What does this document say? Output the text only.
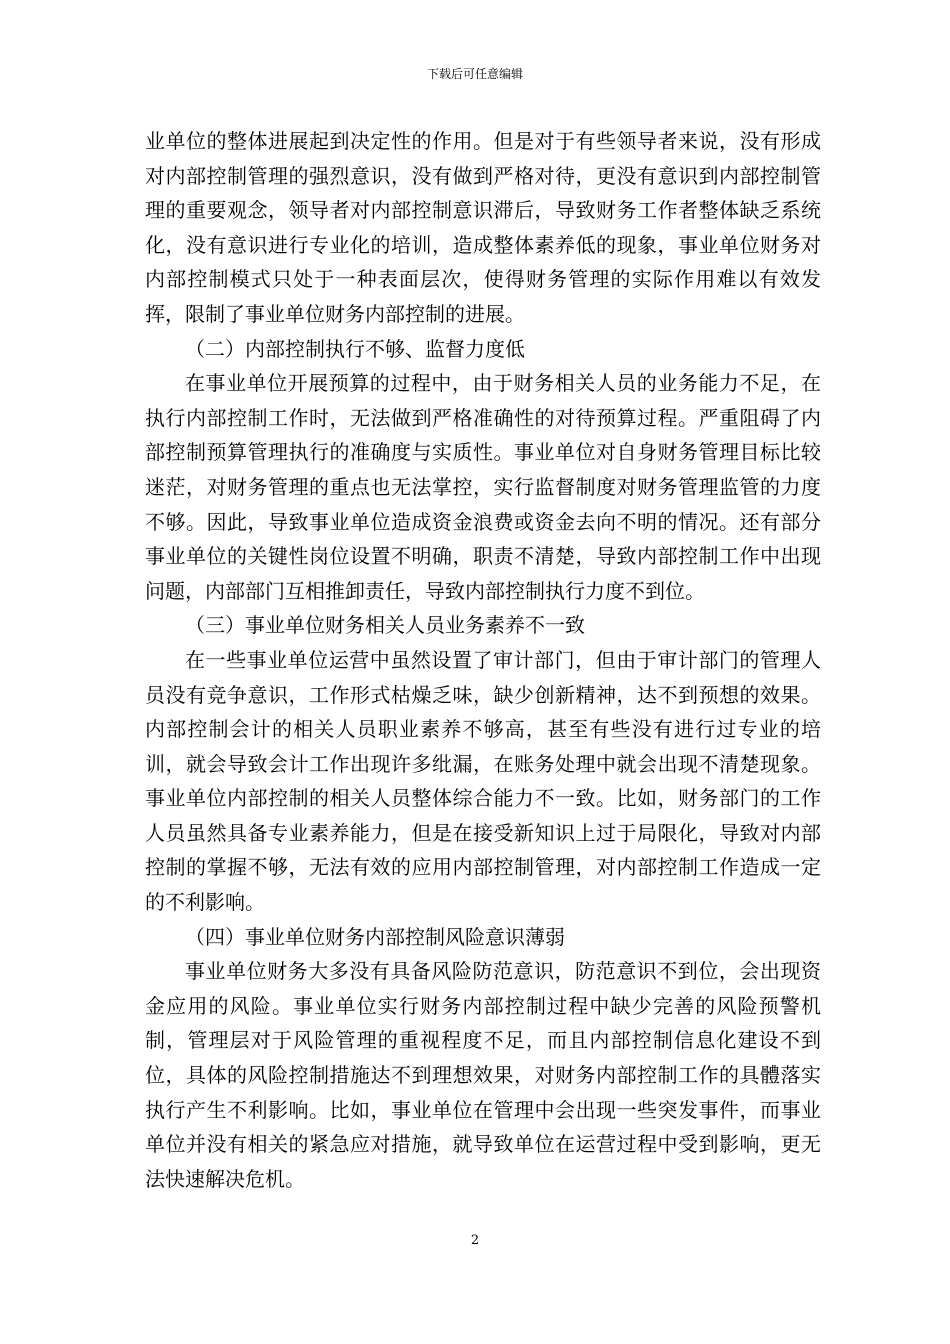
下载后可任意编辑

业单位的整体进展起到决定性的作用。但是对于有些领导者来说，没有形成对内部控制管理的强烈意识，没有做到严格对待，更没有意识到内部控制管理的重要观念，领导者对内部控制意识滞后，导致财务工作者整体缺乏系统化，没有意识进行专业化的培训，造成整体素养低的现象，事业单位财务对内部控制模式只处于一种表面层次，使得财务管理的实际作用难以有效发挥，限制了事业单位财务内部控制的进展。

（二）内部控制执行不够、监督力度低

在事业单位开展预算的过程中，由于财务相关人员的业务能力不足，在执行内部控制工作时，无法做到严格准确性的对待预算过程。严重阻碍了内部控制预算管理执行的准确度与实质性。事业单位对自身财务管理目标比较迷茫，对财务管理的重点也无法掌控，实行监督制度对财务管理监管的力度不够。因此，导致事业单位造成资金浪费或资金去向不明的情况。还有部分事业单位的关键性岗位设置不明确，职责不清楚，导致内部控制工作中出现问题，内部部门互相推卸责任，导致内部控制执行力度不到位。

（三）事业单位财务相关人员业务素养不一致

在一些事业单位运营中虽然设置了审计部门，但由于审计部门的管理人员没有竞争意识，工作形式枯燥乏味，缺少创新精神，达不到预想的效果。内部控制会计的相关人员职业素养不够高，甚至有些没有进行过专业的培训，就会导致会计工作出现许多纰漏，在账务处理中就会出现不清楚现象。事业单位内部控制的相关人员整体综合能力不一致。比如，财务部门的工作人员虽然具备专业素养能力，但是在接受新知识上过于局限化，导致对内部控制的掌握不够，无法有效的应用内部控制管理，对内部控制工作造成一定的不利影响。

（四）事业单位财务内部控制风险意识薄弱

事业单位财务大多没有具备风险防范意识，防范意识不到位，会出现资金应用的风险。事业单位实行财务内部控制过程中缺少完善的风险预警机制，管理层对于风险管理的重视程度不足，而且内部控制信息化建设不到位，具体的风险控制措施达不到理想效果，对财务内部控制工作的具體落实执行产生不利影响。比如，事业单位在管理中会出现一些突发事件，而事业单位并没有相关的紧急应对措施，就导致单位在运营过程中受到影响，更无法快速解决危机。

2
